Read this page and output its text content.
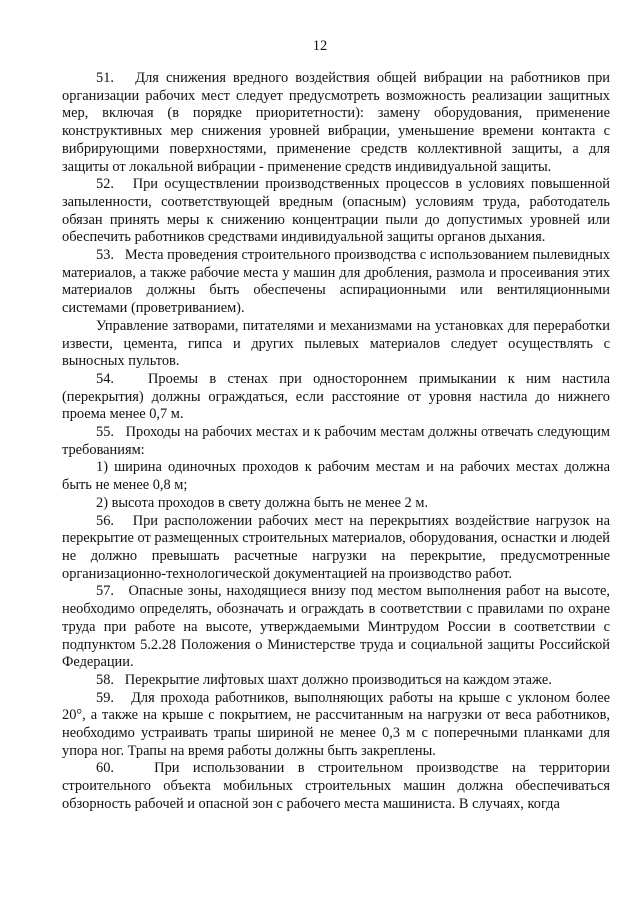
12

51.   Для снижения вредного воздействия общей вибрации на работников при организации рабочих мест следует предусмотреть возможность реализации защитных мер, включая (в порядке приоритетности): замену оборудования, применение конструктивных мер снижения уровней вибрации, уменьшение времени контакта с вибрирующими поверхностями, применение средств коллективной защиты, а для защиты от локальной вибрации - применение средств индивидуальной защиты.

52.   При осуществлении производственных процессов в условиях повышенной запыленности, соответствующей вредным (опасным) условиям труда, работодатель обязан принять меры к снижению концентрации пыли до допустимых уровней или обеспечить работников средствами индивидуальной защиты органов дыхания.

53.   Места проведения строительного производства с использованием пылевидных материалов, а также рабочие места у машин для дробления, размола и просеивания этих материалов должны быть обеспечены аспирационными или вентиляционными системами (проветриванием).

Управление затворами, питателями и механизмами на установках для переработки извести, цемента, гипса и других пылевых материалов следует осуществлять с выносных пультов.

54.   Проемы в стенах при одностороннем примыкании к ним настила (перекрытия) должны ограждаться, если расстояние от уровня настила до нижнего проема менее 0,7 м.

55.   Проходы на рабочих местах и к рабочим местам должны отвечать следующим требованиям:

1) ширина одиночных проходов к рабочим местам и на рабочих местах должна быть не менее 0,8 м;

2) высота проходов в свету должна быть не менее 2 м.

56.   При расположении рабочих мест на перекрытиях воздействие нагрузок на перекрытие от размещенных строительных материалов, оборудования, оснастки и людей не должно превышать расчетные нагрузки на перекрытие, предусмотренные организационно-технологической документацией на производство работ.

57.   Опасные зоны, находящиеся внизу под местом выполнения работ на высоте, необходимо определять, обозначать и ограждать в соответствии с правилами по охране труда при работе на высоте, утверждаемыми Минтрудом России в соответствии с подпунктом 5.2.28 Положения о Министерстве труда и социальной защиты Российской Федерации.

58.   Перекрытие лифтовых шахт должно производиться на каждом этаже.

59.   Для прохода работников, выполняющих работы на крыше с уклоном более 20°, а также на крыше с покрытием, не рассчитанным на нагрузки от веса работников, необходимо устраивать трапы шириной не менее 0,3 м с поперечными планками для упора ног. Трапы на время работы должны быть закреплены.

60.   При использовании в строительном производстве на территории строительного объекта мобильных строительных машин должна обеспечиваться обзорность рабочей и опасной зон с рабочего места машиниста. В случаях, когда
